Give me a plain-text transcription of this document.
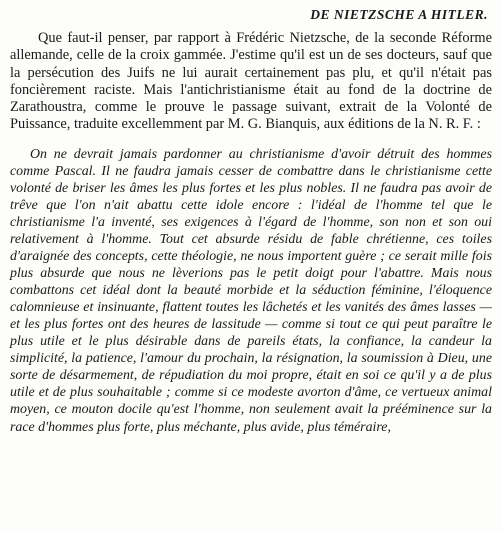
DE NIETZSCHE A HITLER.

Que faut-il penser, par rapport à Frédéric Nietzsche, de la seconde Réforme allemande, celle de la croix gammée. J'estime qu'il est un de ses docteurs, sauf que la persécution des Juifs ne lui aurait certainement pas plu, et qu'il n'était pas foncièrement raciste. Mais l'antichristianisme était au fond de la doctrine de Zarathoustra, comme le prouve le passage suivant, extrait de la Volonté de Puissance, traduite excellemment par M. G. Bianquis, aux éditions de la N. R. F. :

On ne devrait jamais pardonner au christianisme d'avoir détruit des hommes comme Pascal. Il ne faudra jamais cesser de combattre dans le christianisme cette volonté de briser les âmes les plus fortes et les plus nobles. Il ne faudra pas avoir de trêve que l'on n'ait abattu cette idole encore : l'idéal de l'homme tel que le christianisme l'a inventé, ses exigences à l'égard de l'homme, son non et son oui relativement à l'homme. Tout cet absurde résidu de fable chrétienne, ces toiles d'araignée des concepts, cette théologie, ne nous importent guère ; ce serait mille fois plus absurde que nous ne lèverions pas le petit doigt pour l'abattre. Mais nous combattons cet idéal dont la beauté morbide et la séduction féminine, l'éloquence calomnieuse et insinuante, flattent toutes les lâchetés et les vanités des âmes lasses — et les plus fortes ont des heures de lassitude — comme si tout ce qui peut paraître le plus utile et le plus désirable dans de pareils états, la confiance, la candeur la simplicité, la patience, l'amour du prochain, la résignation, la soumission à Dieu, une sorte de désarmement, de répudiation du moi propre, était en soi ce qu'il y a de plus utile et de plus souhaitable ; comme si ce modeste avorton d'âme, ce vertueux animal moyen, ce mouton docile qu'est l'homme, non seulement avait la prééminence sur la race d'hommes plus forte, plus méchante, plus avide, plus téméraire,
